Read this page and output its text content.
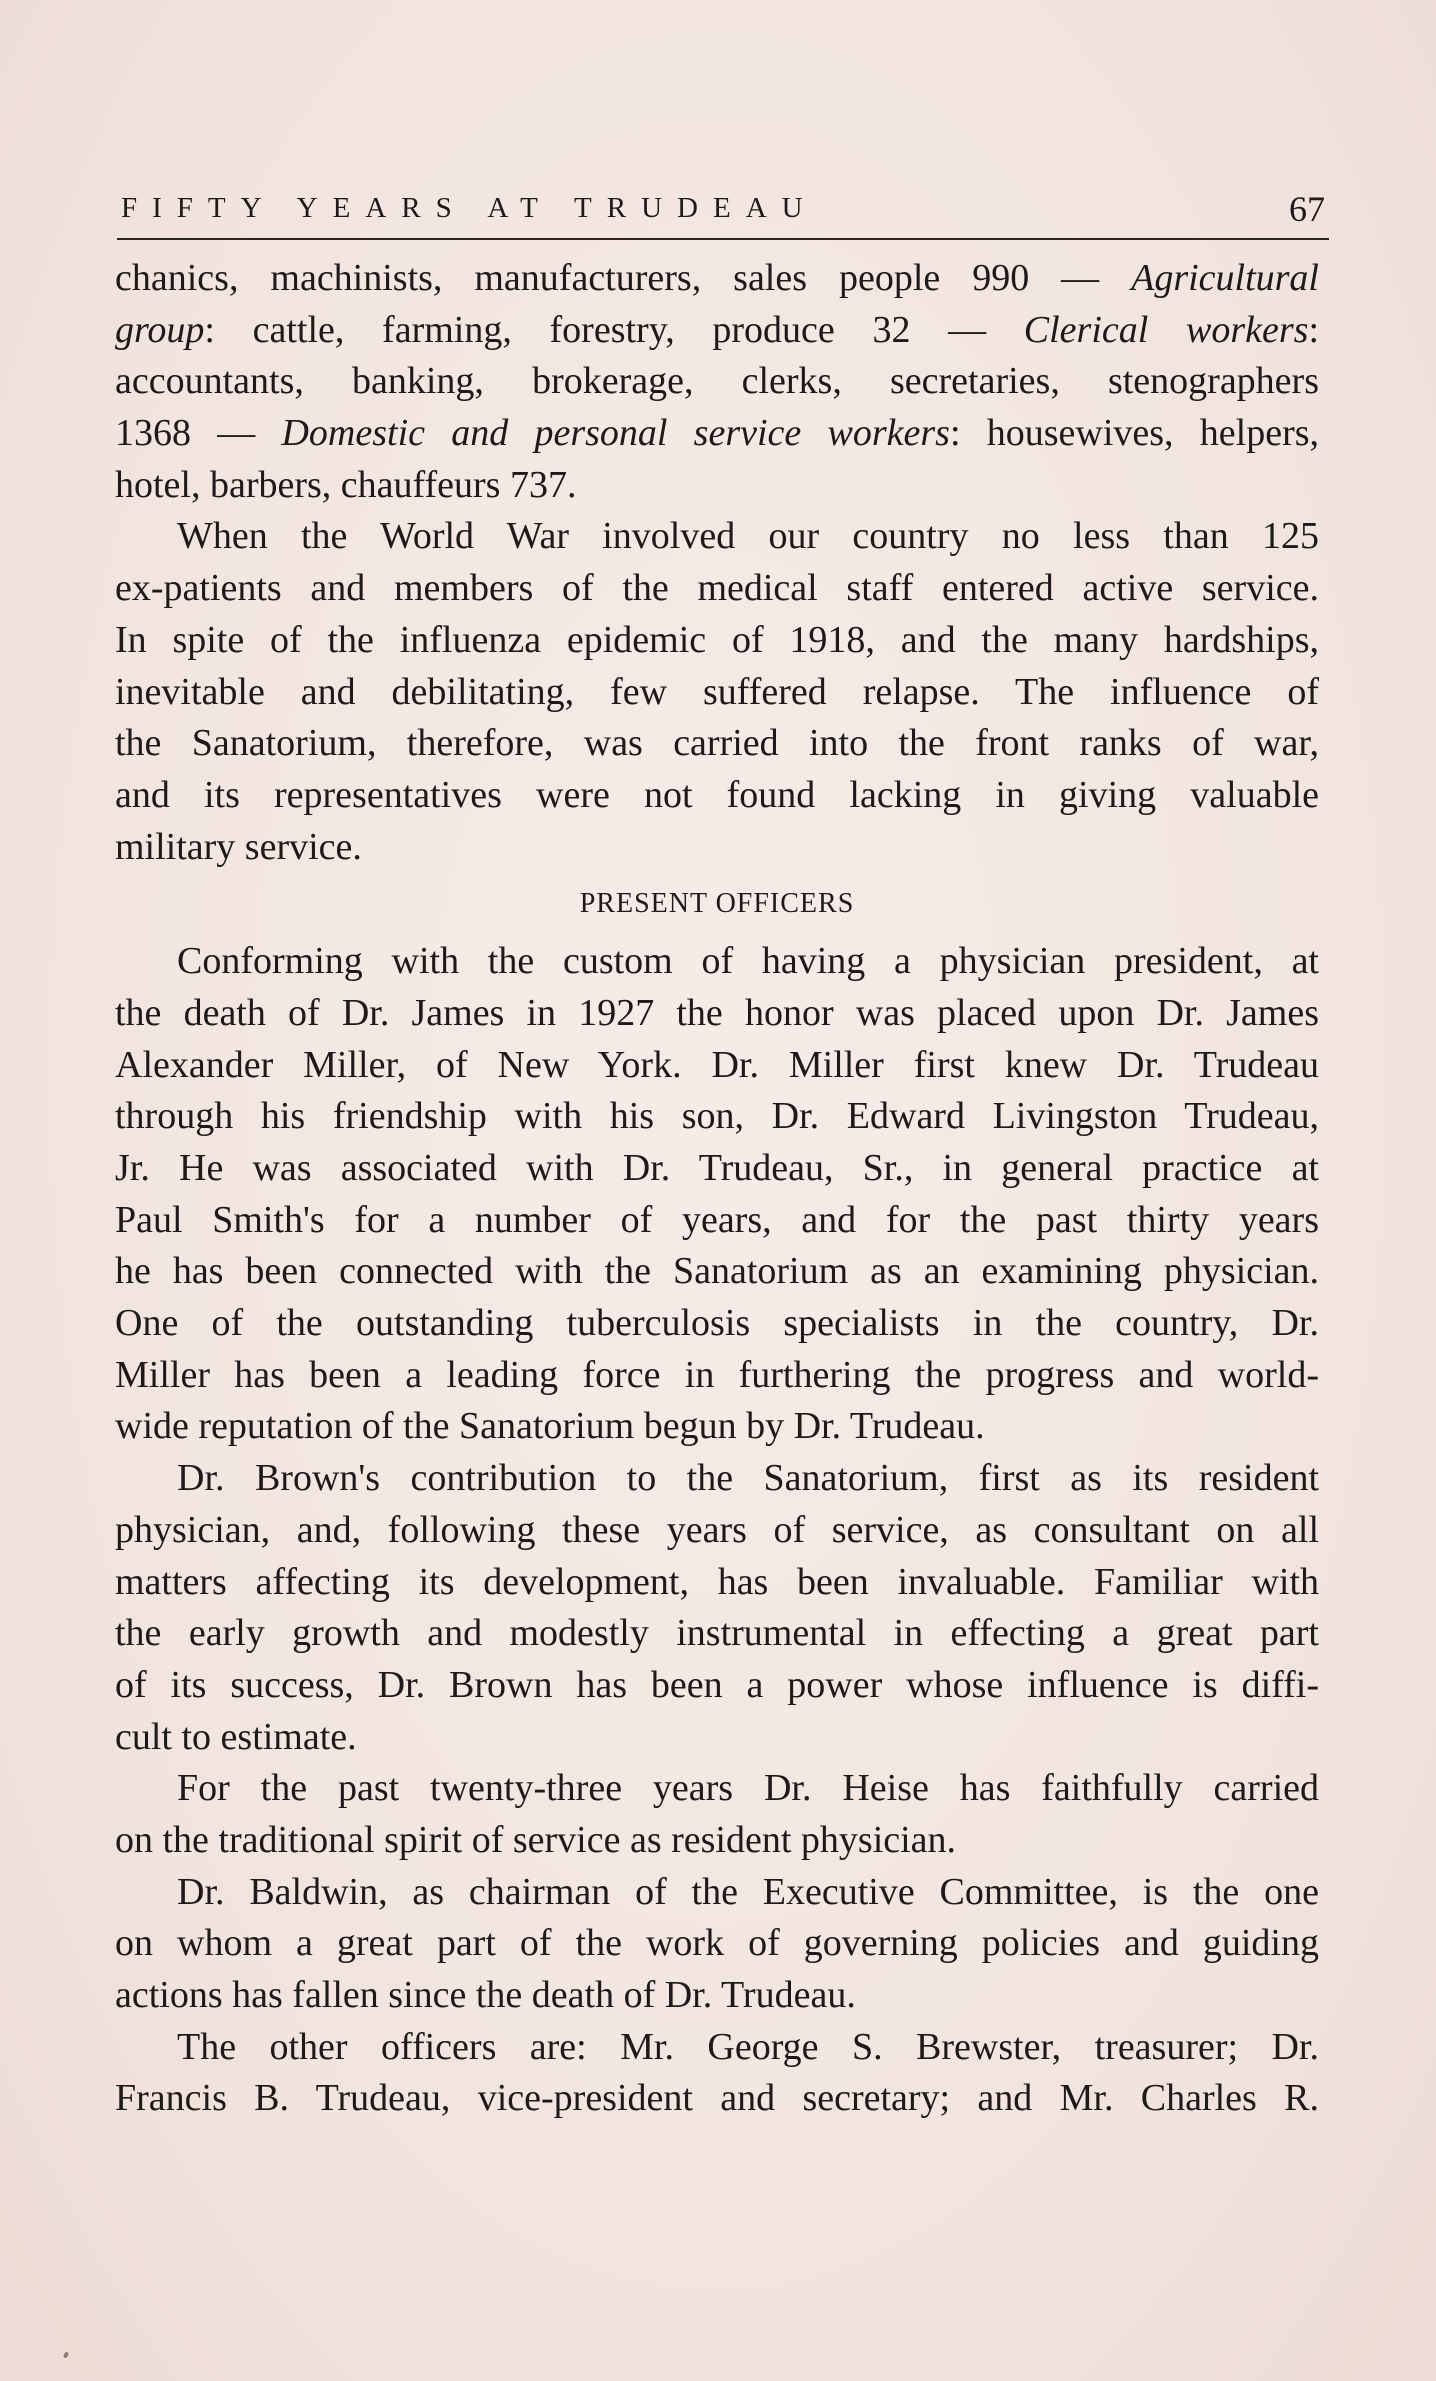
FIFTY YEARS AT TRUDEAU	67
chanics, machinists, manufacturers, sales people 990 — Agricultural
group: cattle, farming, forestry, produce 32 — Clerical workers:
accountants, banking, brokerage, clerks, secretaries, stenographers
1368 — Domestic and personal service workers: housewives, helpers,
hotel, barbers, chauffeurs 737.
When the World War involved our country no less than 125
ex-patients and members of the medical staff entered active service.
In spite of the influenza epidemic of 1918, and the many hardships,
inevitable and debilitating, few suffered relapse. The influence of
the Sanatorium, therefore, was carried into the front ranks of war,
and its representatives were not found lacking in giving valuable
military service.
PRESENT OFFICERS
Conforming with the custom of having a physician president, at
the death of Dr. James in 1927 the honor was placed upon Dr. James
Alexander Miller, of New York. Dr. Miller first knew Dr. Trudeau
through his friendship with his son, Dr. Edward Livingston Trudeau,
Jr. He was associated with Dr. Trudeau, Sr., in general practice at
Paul Smith's for a number of years, and for the past thirty years
he has been connected with the Sanatorium as an examining physician.
One of the outstanding tuberculosis specialists in the country, Dr.
Miller has been a leading force in furthering the progress and world-
wide reputation of the Sanatorium begun by Dr. Trudeau.
Dr. Brown's contribution to the Sanatorium, first as its resident
physician, and, following these years of service, as consultant on all
matters affecting its development, has been invaluable. Familiar with
the early growth and modestly instrumental in effecting a great part
of its success, Dr. Brown has been a power whose influence is diffi-
cult to estimate.
For the past twenty-three years Dr. Heise has faithfully carried
on the traditional spirit of service as resident physician.
Dr. Baldwin, as chairman of the Executive Committee, is the one
on whom a great part of the work of governing policies and guiding
actions has fallen since the death of Dr. Trudeau.
The other officers are: Mr. George S. Brewster, treasurer; Dr.
Francis B. Trudeau, vice-president and secretary; and Mr. Charles R.
